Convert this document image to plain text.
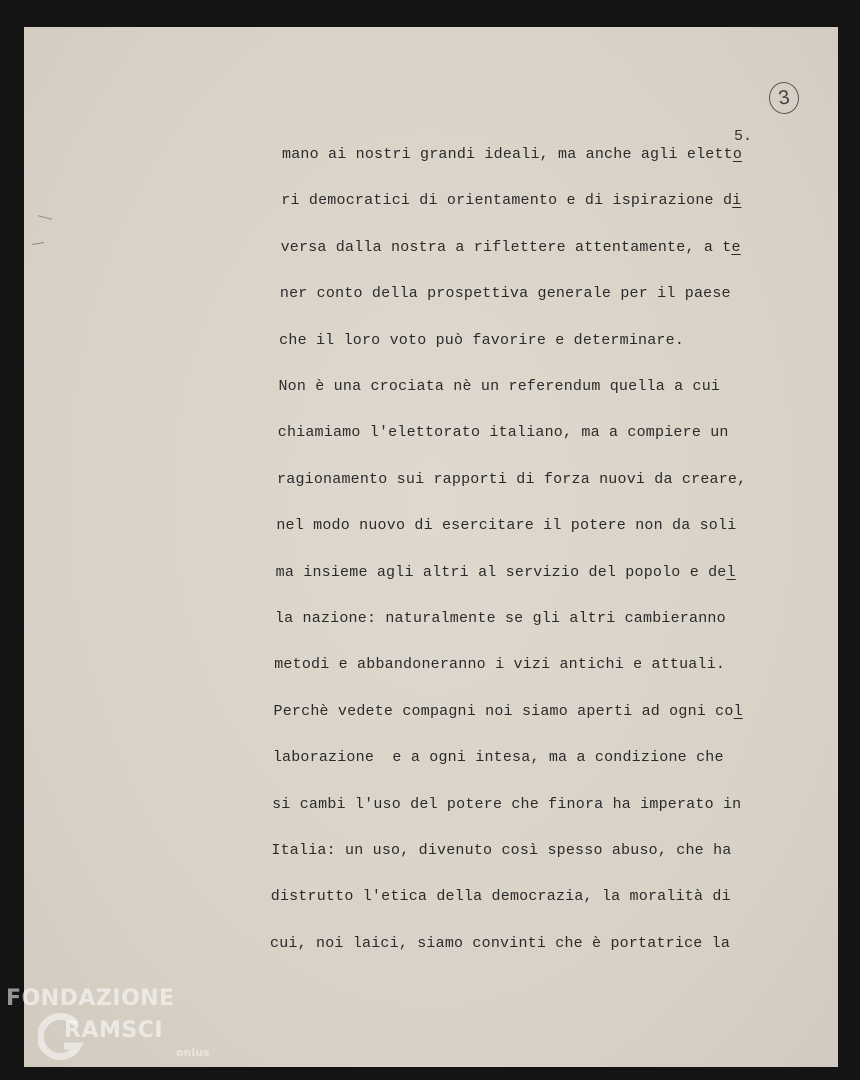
3
5.
mano ai nostri grandi ideali, ma anche agli eletto
ri democratici di orientamento e di ispirazione di
versa dalla nostra a riflettere attentamente, a te
ner conto della prospettiva generale per il paese
che il loro voto può favorire e determinare.
Non è una crociata nè un referendum quella a cui
chiamiamo l'elettorato italiano, ma a compiere un
ragionamento sui rapporti di forza nuovi da creare,
nel modo nuovo di esercitare il potere non da soli
ma insieme agli altri al servizio del popolo e del
la nazione: naturalmente se gli altri cambieranno
metodi e abbandoneranno i vizi antichi e attuali.
Perchè vedete compagni noi siamo aperti ad ogni col
laborazione  e a ogni intesa, ma a condizione che
si cambi l'uso del potere che finora ha imperato in
Italia: un uso, divenuto così spesso abuso, che ha
distrutto l'etica della democrazia, la moralità di
cui, noi laici, siamo convinti che è portatrice la
FONDAZIONE
RAMSCI
onlus
